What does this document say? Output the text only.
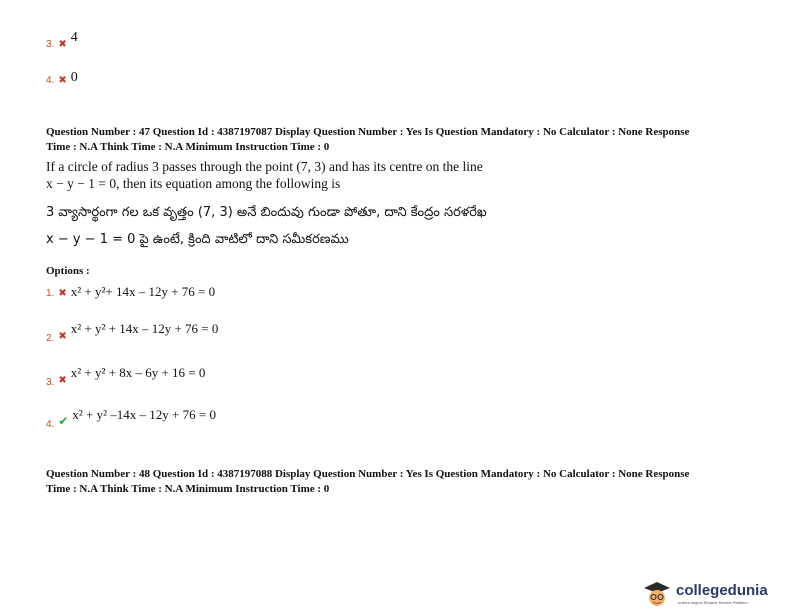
3. ✖ 4
4. ✖ 0
Question Number : 47 Question Id : 4387197087 Display Question Number : Yes Is Question Mandatory : No Calculator : None Response
Time : N.A Think Time : N.A Minimum Instruction Time : 0
If a circle of radius 3 passes through the point (7, 3) and has its centre on the line
x − y − 1 = 0, then its equation among the following is
3 వ్యాసార్థంగా గల ఒక వృత్తం (7, 3) అనే బిందువు గుండా పోతూ, దాని కేంద్రం సరళరేఖ
x − y − 1 = 0 పై ఉంటే, క్రింది వాటిలో దాని సమీకరణము
Options :
1. ✖ x² + y²+ 14x – 12y + 76 = 0
$_{2.}$ $_✖$ x² + y² + 14x – 12y + 76 = 0
$_{3.}$ $_✖$ x² + y² + 8x – 6y + 16 = 0
$_{4.}$ $_✔$ x² + y² –14x – 12y + 76 = 0
Question Number : 48 Question Id : 4387197088 Display Question Number : Yes Is Question Mandatory : No Calculator : None Response
Time : N.A Think Time : N.A Minimum Instruction Time : 0
collegedunia
India's largest Student Review Platform
